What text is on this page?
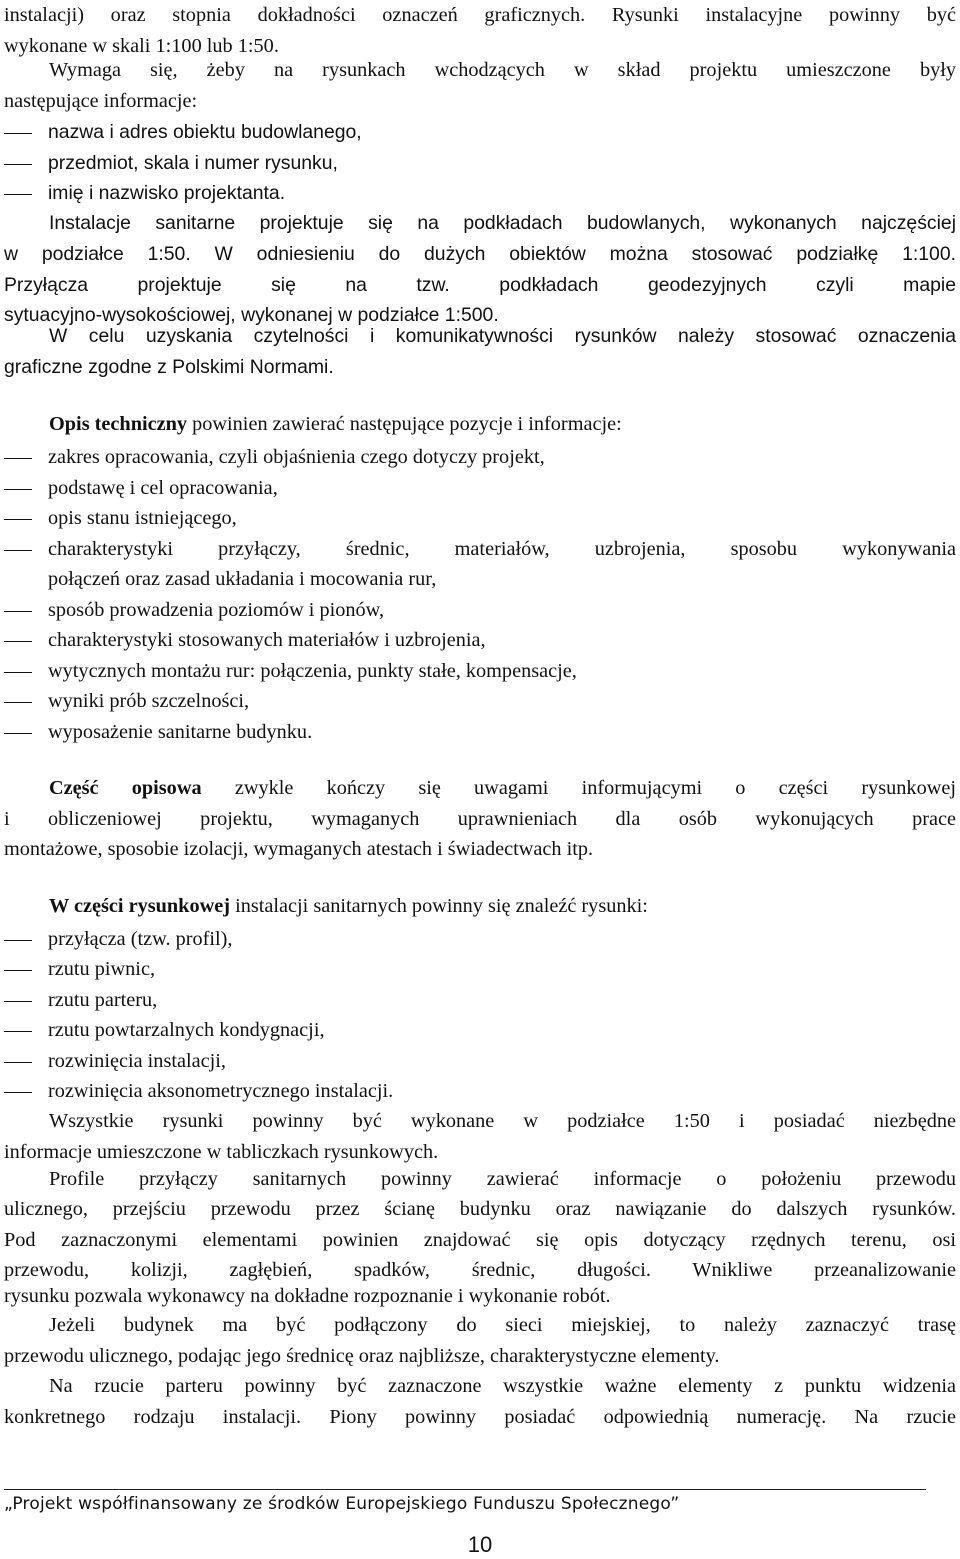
instalacji) oraz stopnia dokładności oznaczeń graficznych. Rysunki instalacyjne powinny być

wykonane w skali 1:100 lub 1:50.

Wymaga się, żeby na rysunkach wchodzących w skład projektu umieszczone były

następujące informacje:

nazwa i adres obiektu budowlanego,

przedmiot, skala i numer rysunku,

imię i nazwisko projektanta.

Instalacje sanitarne projektuje się na podkładach budowlanych, wykonanych najczęściej

w podziałce 1:50. W odniesieniu do dużych obiektów można stosować podziałkę 1:100.

Przyłącza projektuje się na tzw. podkładach geodezyjnych czyli mapie

sytuacyjno-wysokościowej, wykonanej w podziałce 1:500.

W celu uzyskania czytelności i komunikatywności rysunków należy stosować oznaczenia

graficzne zgodne z Polskimi Normami.

Opis techniczny powinien zawierać następujące pozycje i informacje:

zakres opracowania, czyli objaśnienia czego dotyczy projekt,

podstawę i cel opracowania,

opis stanu istniejącego,

charakterystyki przyłączy, średnic, materiałów, uzbrojenia, sposobu wykonywania

połączeń oraz zasad układania i mocowania rur,

sposób prowadzenia poziomów i pionów,

charakterystyki stosowanych materiałów i uzbrojenia,

wytycznych montażu rur: połączenia, punkty stałe, kompensacje,

wyniki prób szczelności,

wyposażenie sanitarne budynku.

Część opisowa zwykle kończy się uwagami informującymi o części rysunkowej

i obliczeniowej projektu, wymaganych uprawnieniach dla osób wykonujących prace

montażowe, sposobie izolacji, wymaganych atestach i świadectwach itp.

W części rysunkowej instalacji sanitarnych powinny się znaleźć rysunki:

przyłącza (tzw. profil),

rzutu piwnic,

rzutu parteru,

rzutu powtarzalnych kondygnacji,

rozwinięcia instalacji,

rozwinięcia aksonometrycznego instalacji.

Wszystkie rysunki powinny być wykonane w podziałce 1:50 i posiadać niezbędne

informacje umieszczone w tabliczkach rysunkowych.

Profile przyłączy sanitarnych powinny zawierać informacje o położeniu przewodu

ulicznego, przejściu przewodu przez ścianę budynku oraz nawiązanie do dalszych rysunków.

Pod zaznaczonymi elementami powinien znajdować się opis dotyczący rzędnych terenu, osi

przewodu, kolizji, zagłębień, spadków, średnic, długości. Wnikliwe przeanalizowanie

rysunku pozwala wykonawcy na dokładne rozpoznanie i wykonanie robót.

Jeżeli budynek ma być podłączony do sieci miejskiej, to należy zaznaczyć trasę

przewodu ulicznego, podając jego średnicę oraz najbliższe, charakterystyczne elementy.

Na rzucie parteru powinny być zaznaczone wszystkie ważne elementy z punktu widzenia

konkretnego rodzaju instalacji. Piony powinny posiadać odpowiednią numerację. Na rzucie

„Projekt współfinansowany ze środków Europejskiego Funduszu Społecznego”

10
